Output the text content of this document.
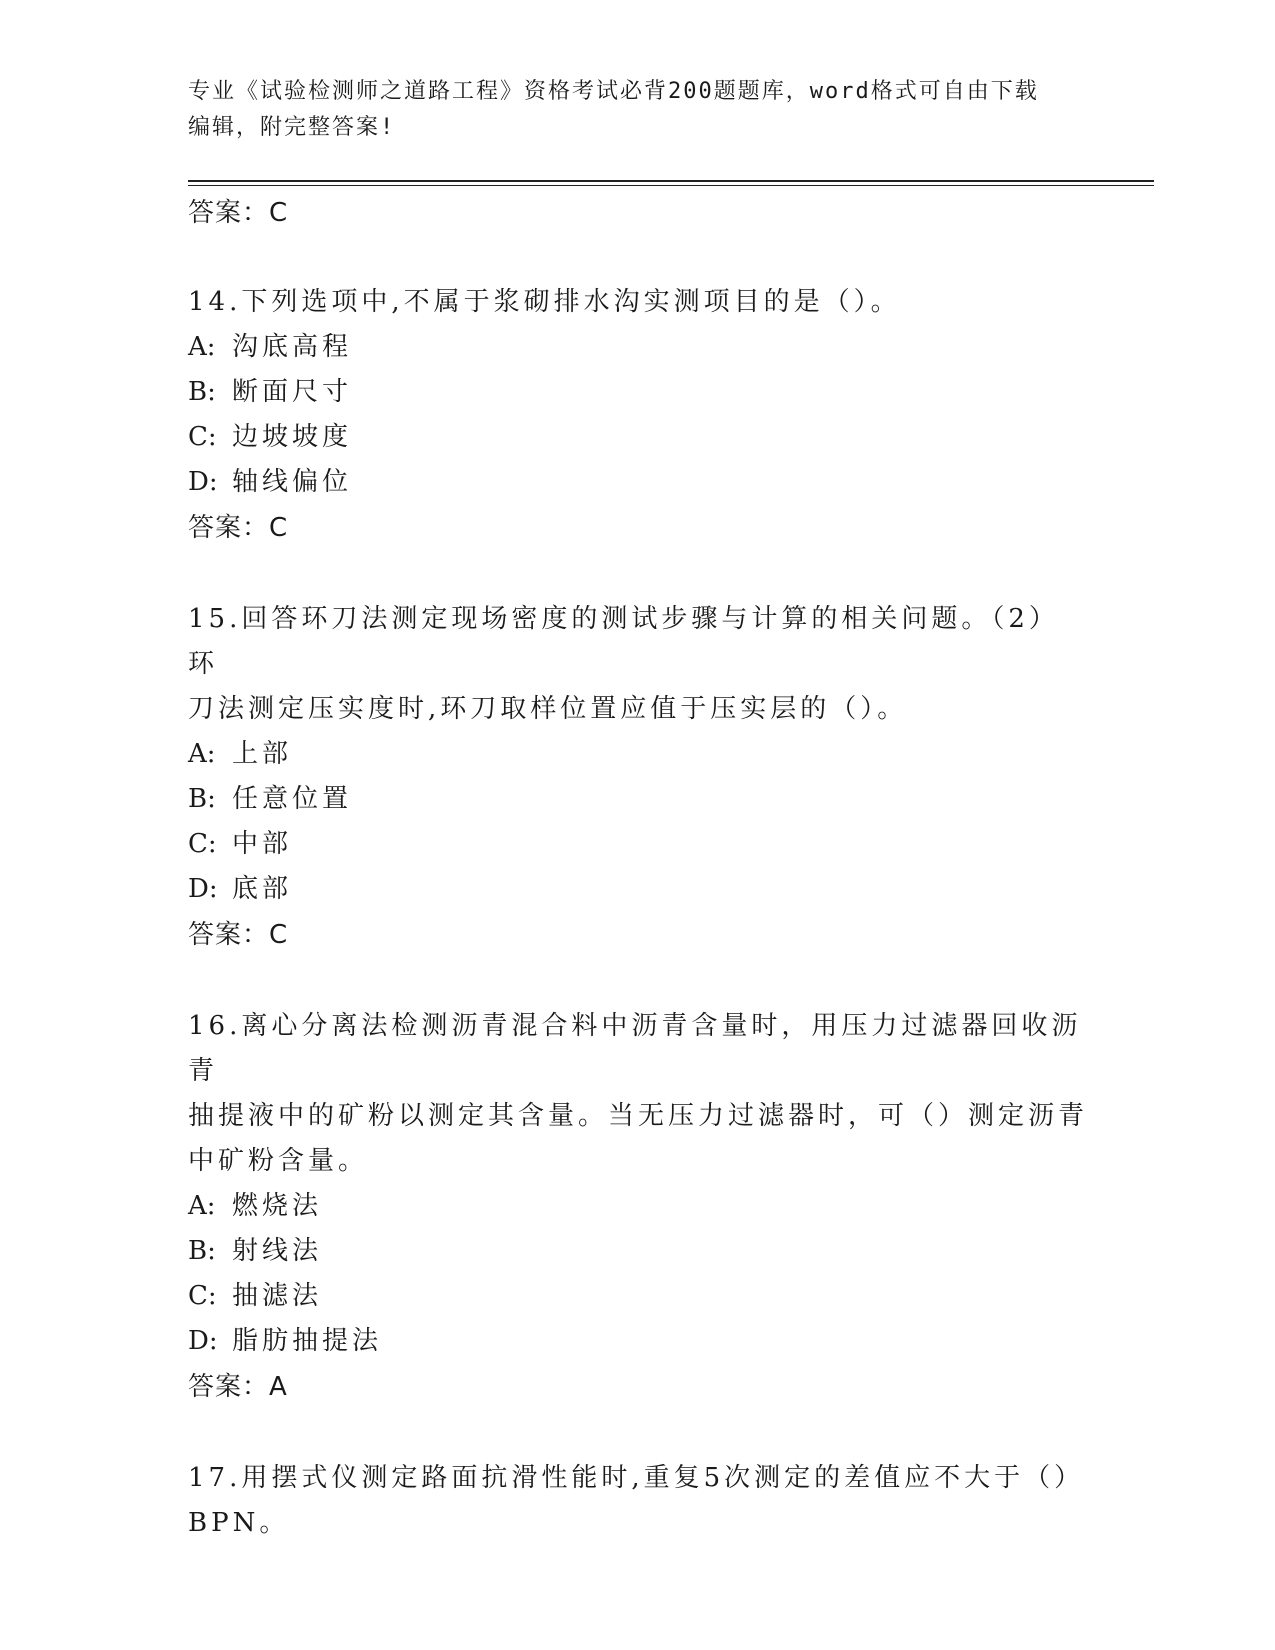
专业《试验检测师之道路工程》资格考试必背200题题库，word格式可自由下载
编辑，附完整答案!

答案：C

14.下列选项中,不属于浆砌排水沟实测项目的是（）。

A: 沟底高程

B: 断面尺寸

C: 边坡坡度

D: 轴线偏位

答案：C

15.回答环刀法测定现场密度的测试步骤与计算的相关问题。（2）环

刀法测定压实度时,环刀取样位置应值于压实层的（）。

A: 上部

B: 任意位置

C: 中部

D: 底部

答案：C

16.离心分离法检测沥青混合料中沥青含量时，用压力过滤器回收沥青

抽提液中的矿粉以测定其含量。当无压力过滤器时，可（）测定沥青

中矿粉含量。

A: 燃烧法

B: 射线法

C: 抽滤法

D: 脂肪抽提法

答案：A

17.用摆式仪测定路面抗滑性能时,重复5次测定的差值应不大于（）

BPN。
